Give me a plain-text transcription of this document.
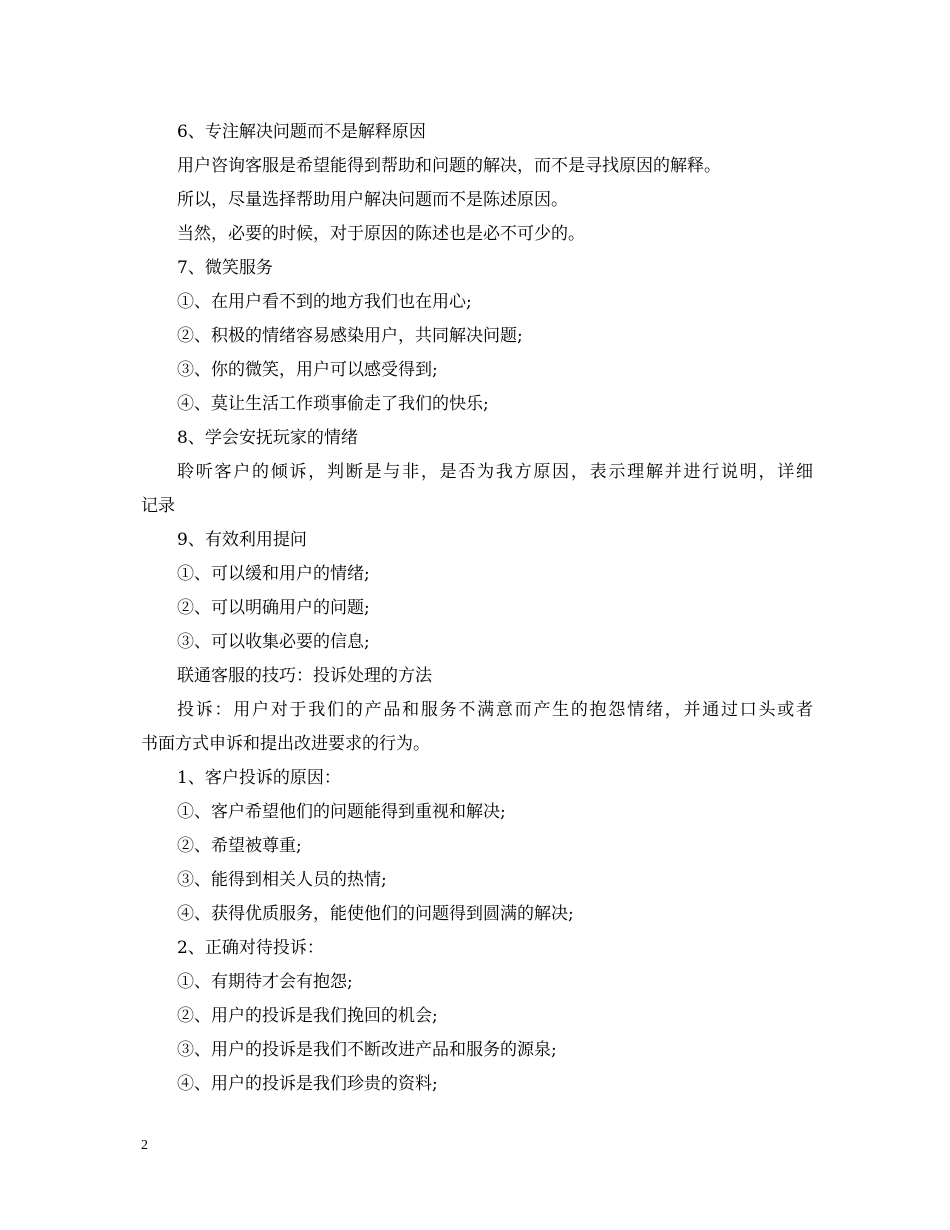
6、专注解决问题而不是解释原因
用户咨询客服是希望能得到帮助和问题的解决，而不是寻找原因的解释。
所以，尽量选择帮助用户解决问题而不是陈述原因。
当然，必要的时候，对于原因的陈述也是必不可少的。
7、微笑服务
①、在用户看不到的地方我们也在用心;
②、积极的情绪容易感染用户，共同解决问题;
③、你的微笑，用户可以感受得到;
④、莫让生活工作琐事偷走了我们的快乐;
8、学会安抚玩家的情绪
聆听客户的倾诉，判断是与非，是否为我方原因，表示理解并进行说明，详细
记录
9、有效利用提问
①、可以缓和用户的情绪;
②、可以明确用户的问题;
③、可以收集必要的信息;
联通客服的技巧：投诉处理的方法
投诉：用户对于我们的产品和服务不满意而产生的抱怨情绪，并通过口头或者
书面方式申诉和提出改进要求的行为。
1、客户投诉的原因：
①、客户希望他们的问题能得到重视和解决;
②、希望被尊重;
③、能得到相关人员的热情;
④、获得优质服务，能使他们的问题得到圆满的解决;
2、正确对待投诉：
①、有期待才会有抱怨;
②、用户的投诉是我们挽回的机会;
③、用户的投诉是我们不断改进产品和服务的源泉;
④、用户的投诉是我们珍贵的资料;
2
